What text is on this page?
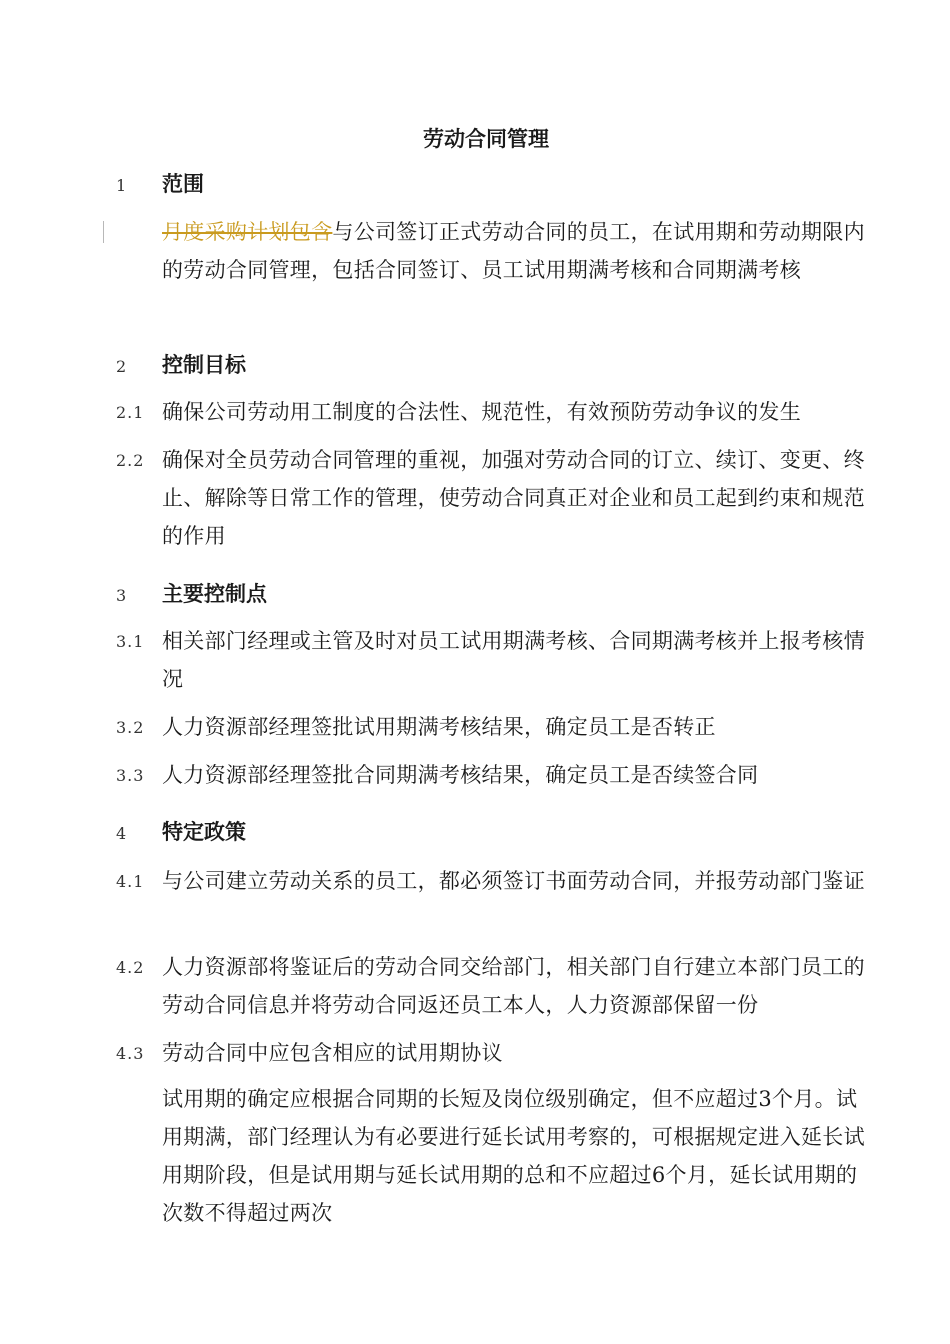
劳动合同管理
1 范围
月度采购计划包含与公司签订正式劳动合同的员工，在试用期和劳动期限内的劳动合同管理，包括合同签订、员工试用期满考核和合同期满考核
2 控制目标
2.1 确保公司劳动用工制度的合法性、规范性，有效预防劳动争议的发生
2.2 确保对全员劳动合同管理的重视，加强对劳动合同的订立、续订、变更、终止、解除等日常工作的管理，使劳动合同真正对企业和员工起到约束和规范的作用
3 主要控制点
3.1 相关部门经理或主管及时对员工试用期满考核、合同期满考核并上报考核情况
3.2 人力资源部经理签批试用期满考核结果，确定员工是否转正
3.3 人力资源部经理签批合同期满考核结果，确定员工是否续签合同
4 特定政策
4.1 与公司建立劳动关系的员工，都必须签订书面劳动合同，并报劳动部门鉴证
4.2 人力资源部将鉴证后的劳动合同交给部门，相关部门自行建立本部门员工的劳动合同信息并将劳动合同返还员工本人，人力资源部保留一份
4.3 劳动合同中应包含相应的试用期协议
试用期的确定应根据合同期的长短及岗位级别确定，但不应超过3个月。试用期满，部门经理认为有必要进行延长试用考察的，可根据规定进入延长试用期阶段，但是试用期与延长试用期的总和不应超过6个月，延长试用期的次数不得超过两次
